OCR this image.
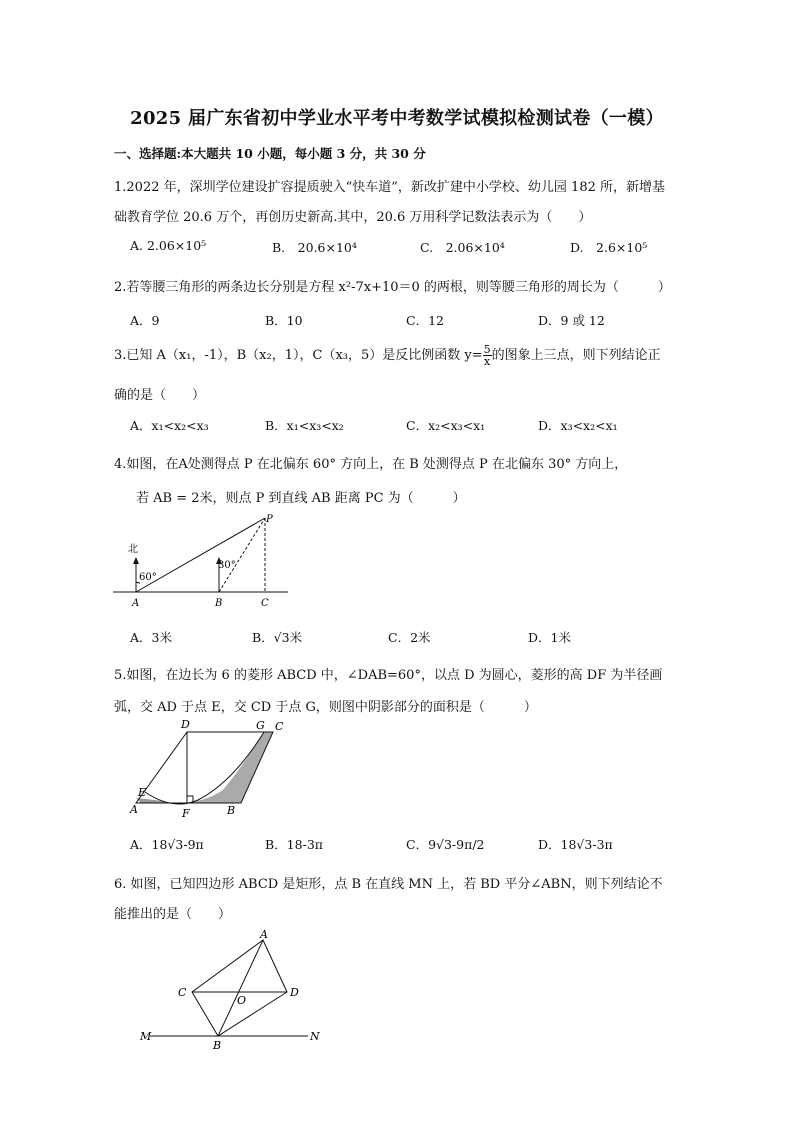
2025 届广东省初中学业水平考中考数学试模拟检测试卷（一模）
一、选择题:本大题共 10 小题，每小题 3 分，共 30 分
1.2022 年，深圳学位建设扩容提质驶入“快车道”，新改扩建中小学校、幼儿园 182 所，新增基
础教育学位 20.6 万个，再创历史新高.其中，20.6 万用科学记数法表示为（　　）
A. 2.06×10⁵	B.　20.6×10⁴	C.　2.06×10⁴	D.　2.6×10⁵
2.若等腰三角形的两条边长分别是方程 x²-7x+10＝0 的两根，则等腰三角形的周长为（　　　）
A．9	B．10	C．12	D．9 或 12
3.已知 A（x₁，-1），B（x₂，1），C（x₃，5）是反比例函数 $y= \frac{5}{x}$ 的图象上三点，则下列结论正
确的是（　　）
A．x₁<x₂<x₃	B．x₁<x₃<x₂	C．x₂<x₃<x₁	D．x₃<x₂<x₁
4.如图，在A处测得点 P 在北偏东 60° 方向上，在 B 处测得点 P 在北偏东 30° 方向上，
若 AB = 2米，则点 P 到直线 AB 距离 PC 为（　　　）
北
60°
30°
A	B	C
P
A．3米	B．√3米	C．2米	D．1米
5.如图，在边长为 6 的菱形 ABCD 中，∠DAB=60°，以点 D 为圆心，菱形的高 DF 为半径画
弧，交 AD 于点 E，交 CD 于点 G，则图中阴影部分的面积是（　　　）
A	B
C
D
E
F
G
A．18√3-9π	B．18-3π	C．9√3-9π/2	D．18√3-3π
6. 如图，已知四边形 ABCD 是矩形，点 B 在直线 MN 上，若 BD 平分∠ABN，则下列结论不
能推出的是（　　）
A
B
C	D
O
M	N
